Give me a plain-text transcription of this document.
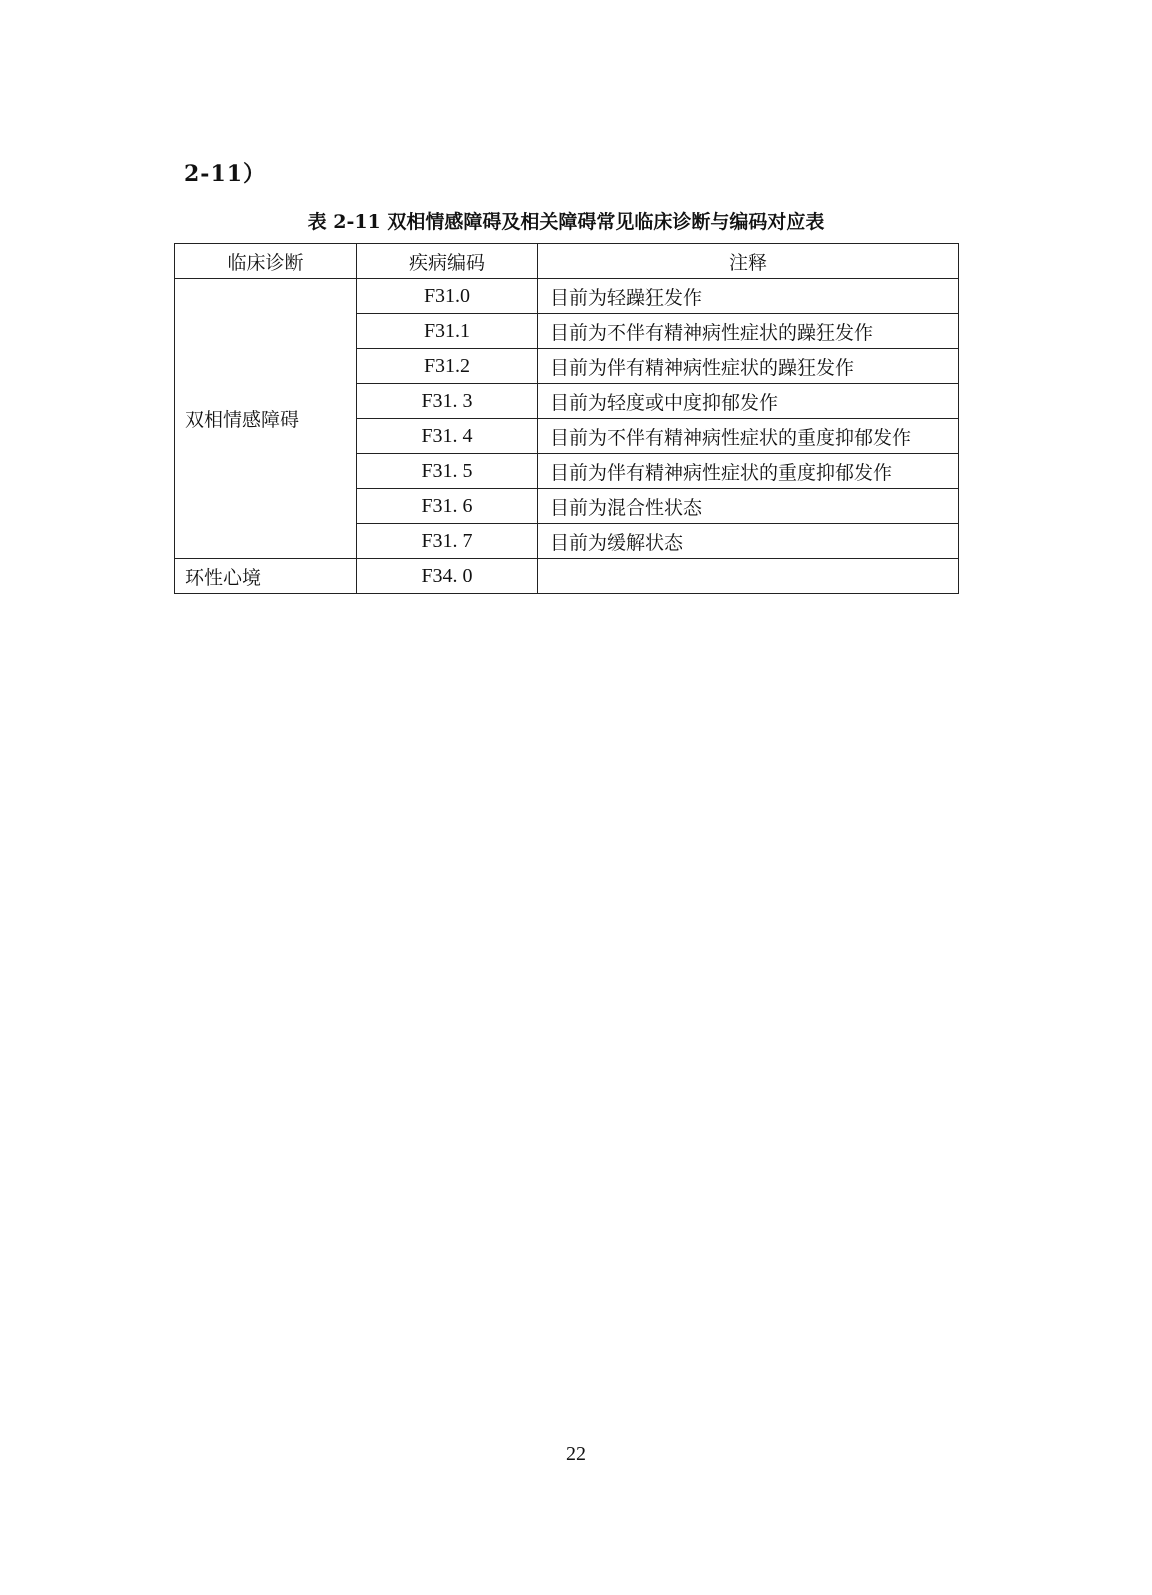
2-11）
表 2-11 双相情感障碍及相关障碍常见临床诊断与编码对应表
临床诊断	疾病编码	注释
双相情感障碍	F31.0	目前为轻躁狂发作
	F31.1	目前为不伴有精神病性症状的躁狂发作
	F31.2	目前为伴有精神病性症状的躁狂发作
	F31. 3	目前为轻度或中度抑郁发作
	F31. 4	目前为不伴有精神病性症状的重度抑郁发作
	F31. 5	目前为伴有精神病性症状的重度抑郁发作
	F31. 6	目前为混合性状态
	F31. 7	目前为缓解状态
环性心境	F34. 0	
22
